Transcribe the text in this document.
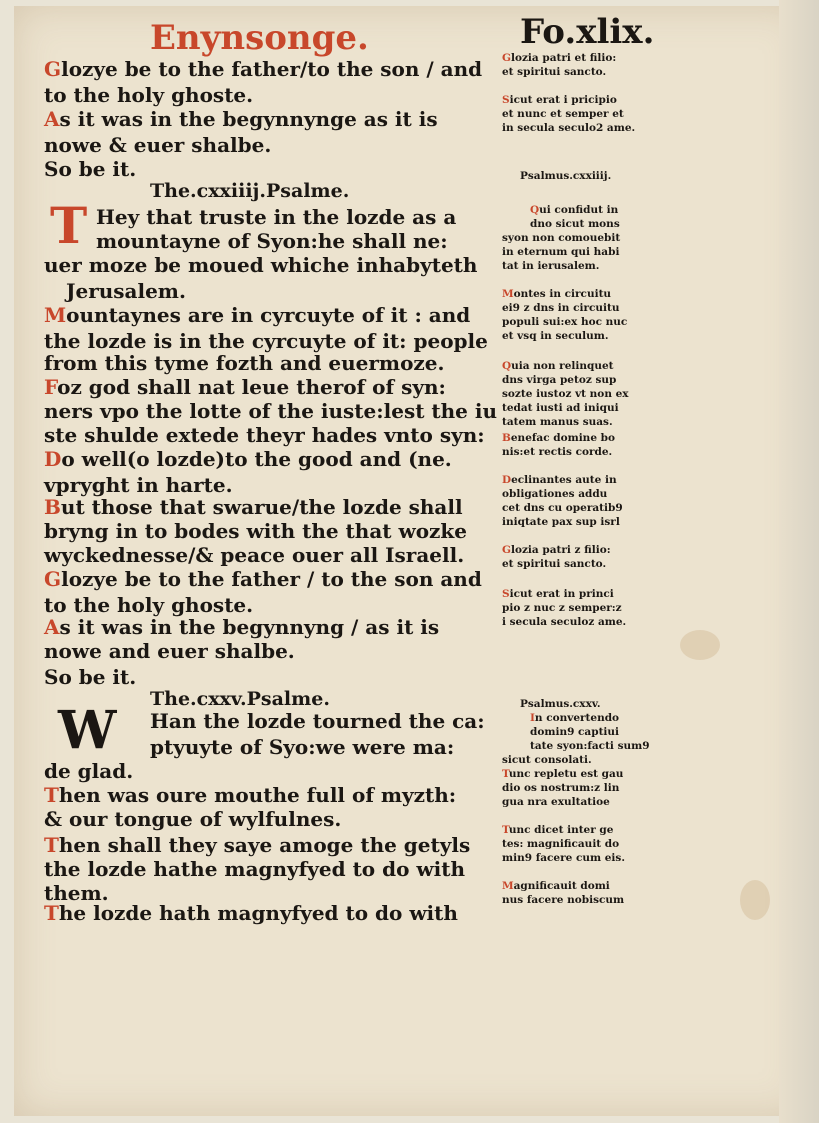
Enynsonge.	Fo.xlix.
Glozye be to the father/to the son / and
to the holy ghoste.
As it was in the begynnynge as it is
nowe & euer shalbe.
So be it.
The.cxxiiij.Psalme.
Hey that truste in the lozde as a
mountayne of Syon:he shall ne:
uer moze be moued whiche inhabyteth
Jerusalem.
Mountaynes are in cyrcuyte of it : and
the lozde is in the cyrcuyte of it: people
from this tyme fozth and euermoze.
Foz god shall nat leue therof of syn:
ners vpo the lotte of the iuste:lest the iu
ste shulde extede theyr hades vnto syn:
Do well(o lozde)to the good and (ne.
vpryght in harte.
But those that swarue/the lozde shall
bryng in to bodes with the that wozke
wyckednesse/& peace ouer all Israell.
Glozye be to the father / to the son and
to the holy ghoste.
As it was in the begynnyng / as it is
nowe and euer shalbe.
So be it.
The.cxxv.Psalme.
Han the lozde tourned the ca:
ptyuyte of Syo:we were ma:
de glad.
Then was oure mouthe full of myzth:
& our tongue of wylfulnes.
Then shall they saye amoge the getyls
the lozde hathe magnyfyed to do with
them.
The lozde hath magnyfyed to do with
T
W
Glozia patri et filio:
et spiritui sancto.
Sicut erat i pricipio
et nunc et semper et
in secula seculo2 ame.
Psalmus.cxxiiij.
Qui confidut in
dno sicut mons
syon non comouebit
in eternum qui habi
tat in ierusalem.
Montes in circuitu
ei9 z dns in circuitu
populi sui:ex hoc nuc
et vsq in seculum.
Quia non relinquet
dns virga petoz sup
sozte iustoz vt non ex
tedat iusti ad iniqui
tatem manus suas.
Benefac domine bo
nis:et rectis corde.
Declinantes aute in
obligationes addu
cet dns cu operatib9
iniqtate pax sup isrl
Glozia patri z filio:
et spiritui sancto.
Sicut erat in princi
pio z nuc z semper:z
i secula seculoz ame.
Psalmus.cxxv.
In convertendo
domin9 captiui
tate syon:facti sum9
sicut consolati.
Tunc repletu est gau
dio os nostrum:z lin
gua nra exultatioe
Tunc dicet inter ge
tes: magnificauit do
min9 facere cum eis.
Magnificauit domi
nus facere nobiscum
